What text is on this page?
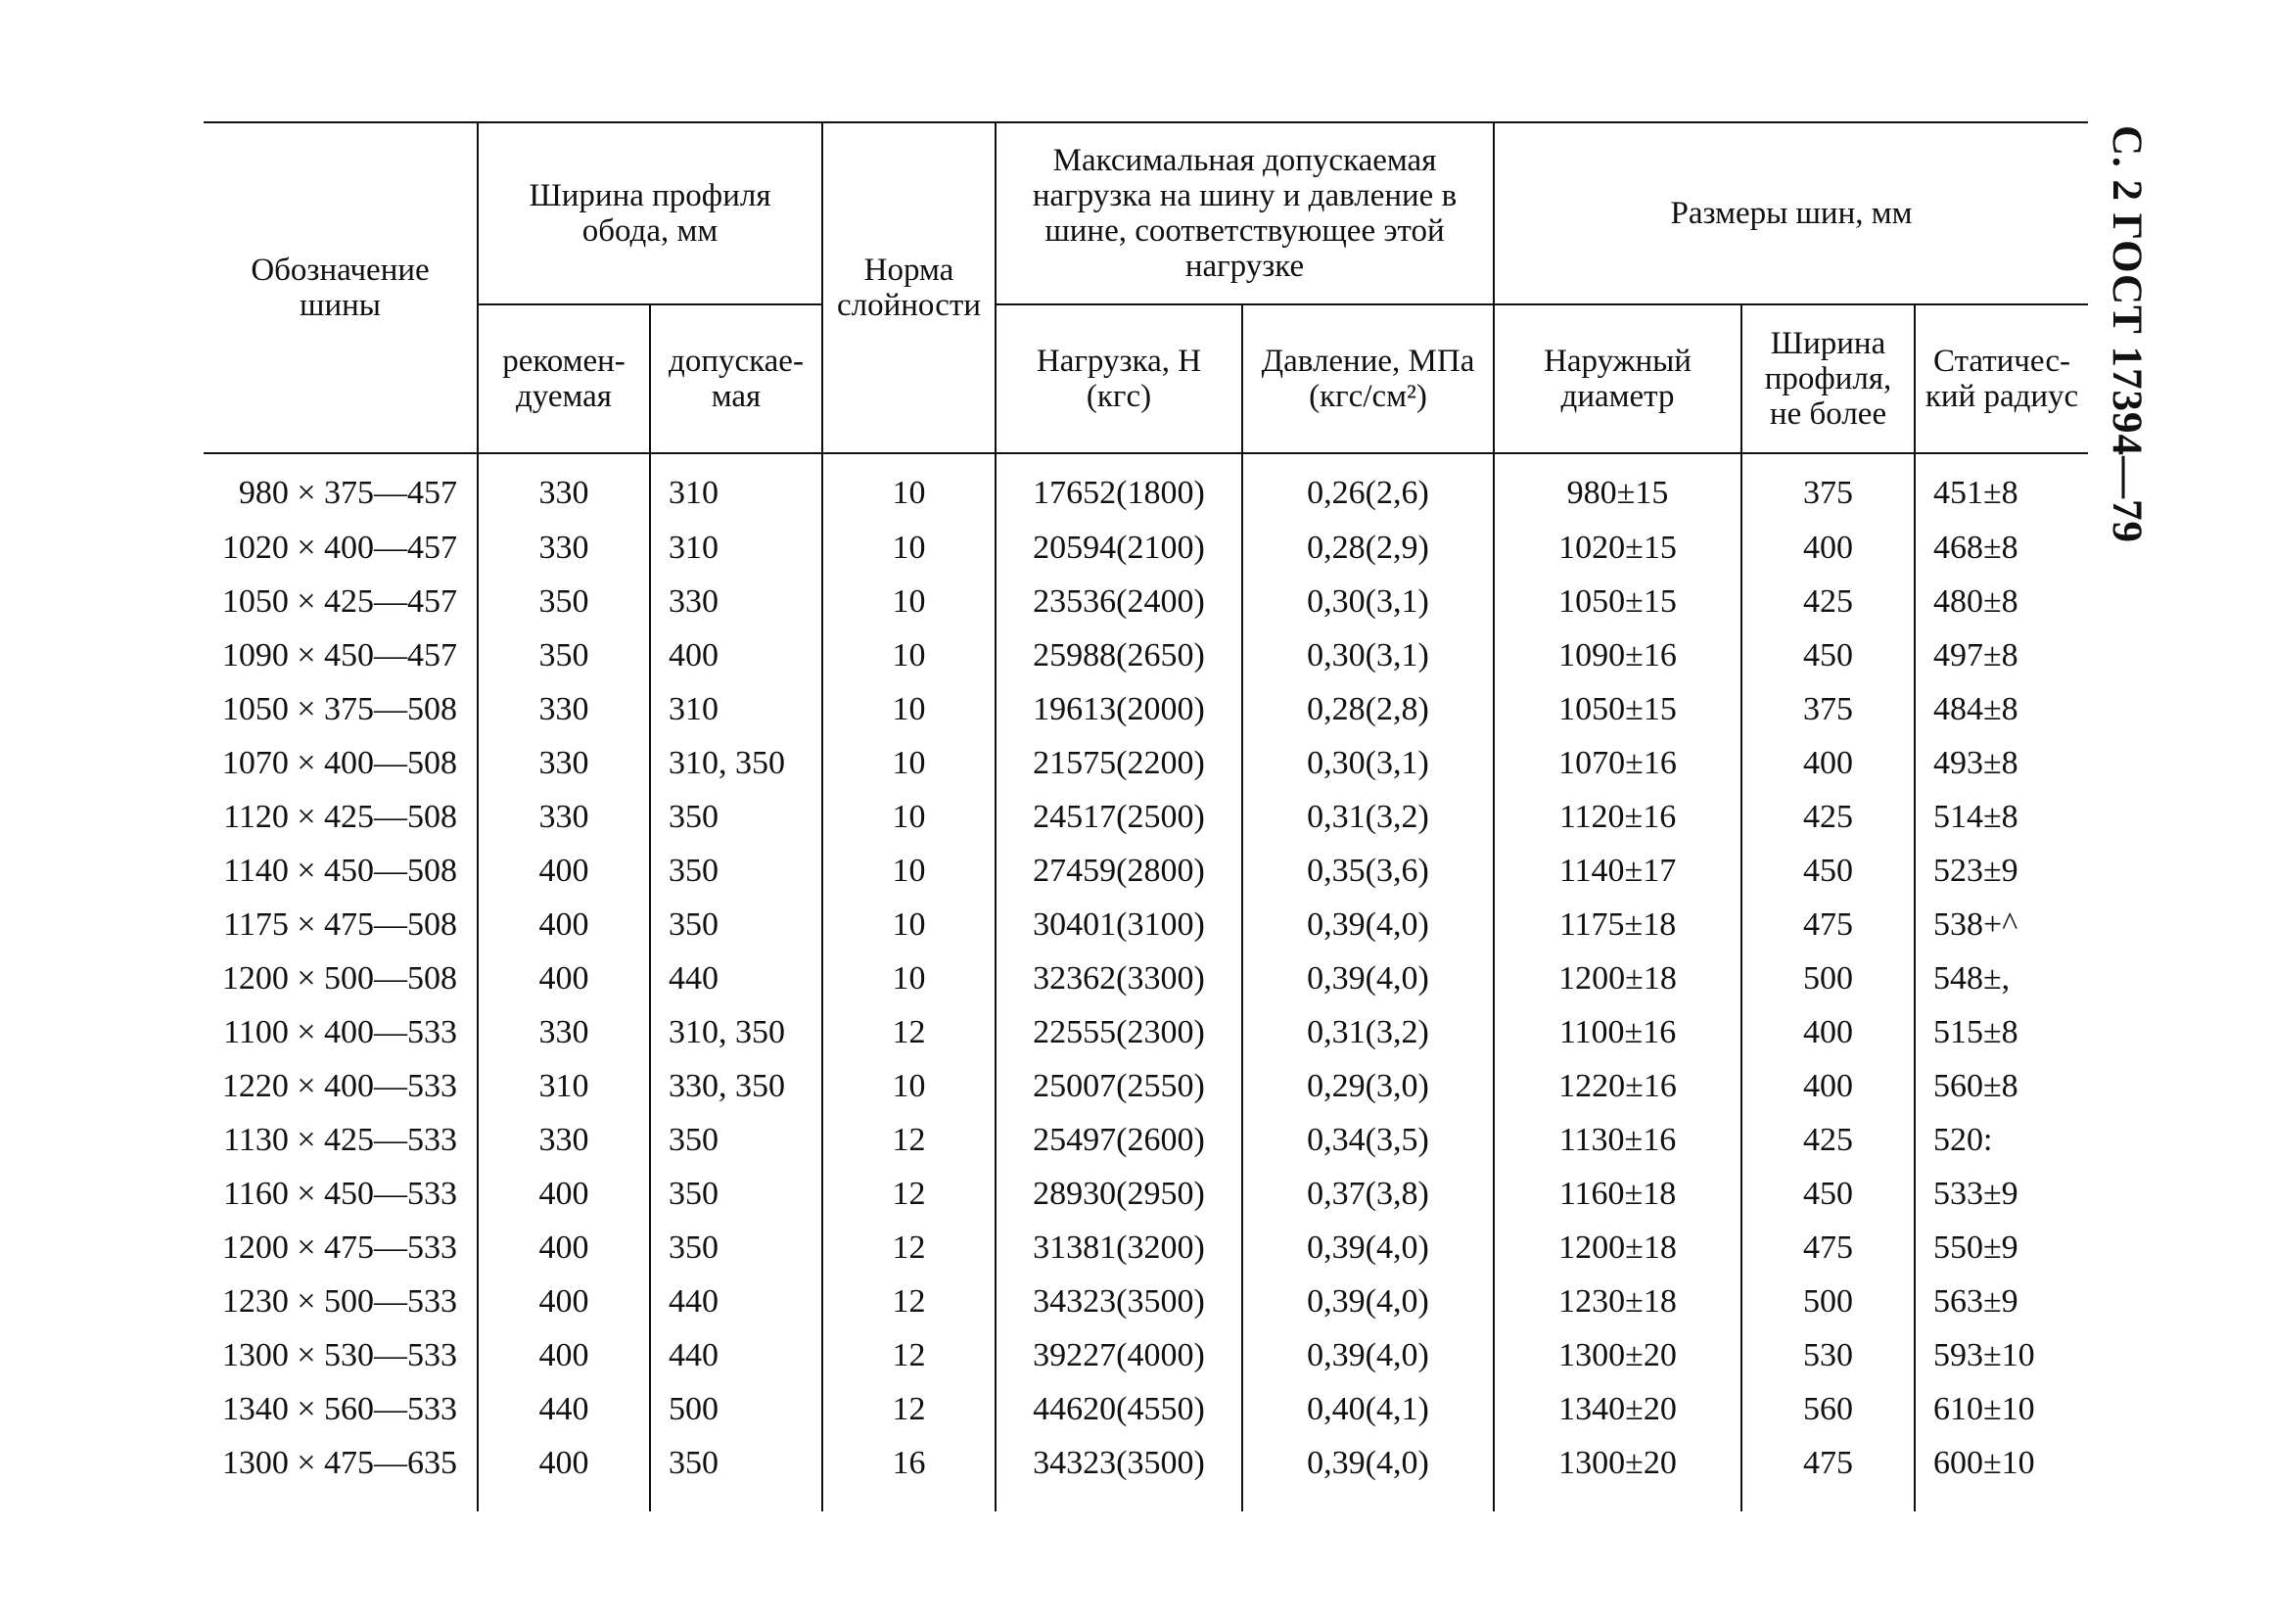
С. 2 ГОСТ 17394—79
Обозначение шины	Ширина профиля обода, мм		Норма слойности	Максимальная допускаемая нагрузка на шину и давление в шине, соответствующее этой нагрузке		Размеры шин, мм		
	рекомен-дуемая	допускае-мая		Нагрузка, Н (кгс)	Давление, МПа (кгс/см²)	Наружный диаметр	Ширина профиля, не более	Статичес-кий радиус
980 × 375—457	330	310	10	17652(1800)	0,26(2,6)	980±15	375	451±8
1020 × 400—457	330	310	10	20594(2100)	0,28(2,9)	1020±15	400	468±8
1050 × 425—457	350	330	10	23536(2400)	0,30(3,1)	1050±15	425	480±8
1090 × 450—457	350	400	10	25988(2650)	0,30(3,1)	1090±16	450	497±8
1050 × 375—508	330	310	10	19613(2000)	0,28(2,8)	1050±15	375	484±8
1070 × 400—508	330	310, 350	10	21575(2200)	0,30(3,1)	1070±16	400	493±8
1120 × 425—508	330	350	10	24517(2500)	0,31(3,2)	1120±16	425	514±8
1140 × 450—508	400	350	10	27459(2800)	0,35(3,6)	1140±17	450	523±9
1175 × 475—508	400	350	10	30401(3100)	0,39(4,0)	1175±18	475	538+^
1200 × 500—508	400	440	10	32362(3300)	0,39(4,0)	1200±18	500	548±,
1100 × 400—533	330	310, 350	12	22555(2300)	0,31(3,2)	1100±16	400	515±8
1220 × 400—533	310	330, 350	10	25007(2550)	0,29(3,0)	1220±16	400	560±8
1130 × 425—533	330	350	12	25497(2600)	0,34(3,5)	1130±16	425	520:
1160 × 450—533	400	350	12	28930(2950)	0,37(3,8)	1160±18	450	533±9
1200 × 475—533	400	350	12	31381(3200)	0,39(4,0)	1200±18	475	550±9
1230 × 500—533	400	440	12	34323(3500)	0,39(4,0)	1230±18	500	563±9
1300 × 530—533	400	440	12	39227(4000)	0,39(4,0)	1300±20	530	593±10
1340 × 560—533	440	500	12	44620(4550)	0,40(4,1)	1340±20	560	610±10
1300 × 475—635	400	350	16	34323(3500)	0,39(4,0)	1300±20	475	600±10
